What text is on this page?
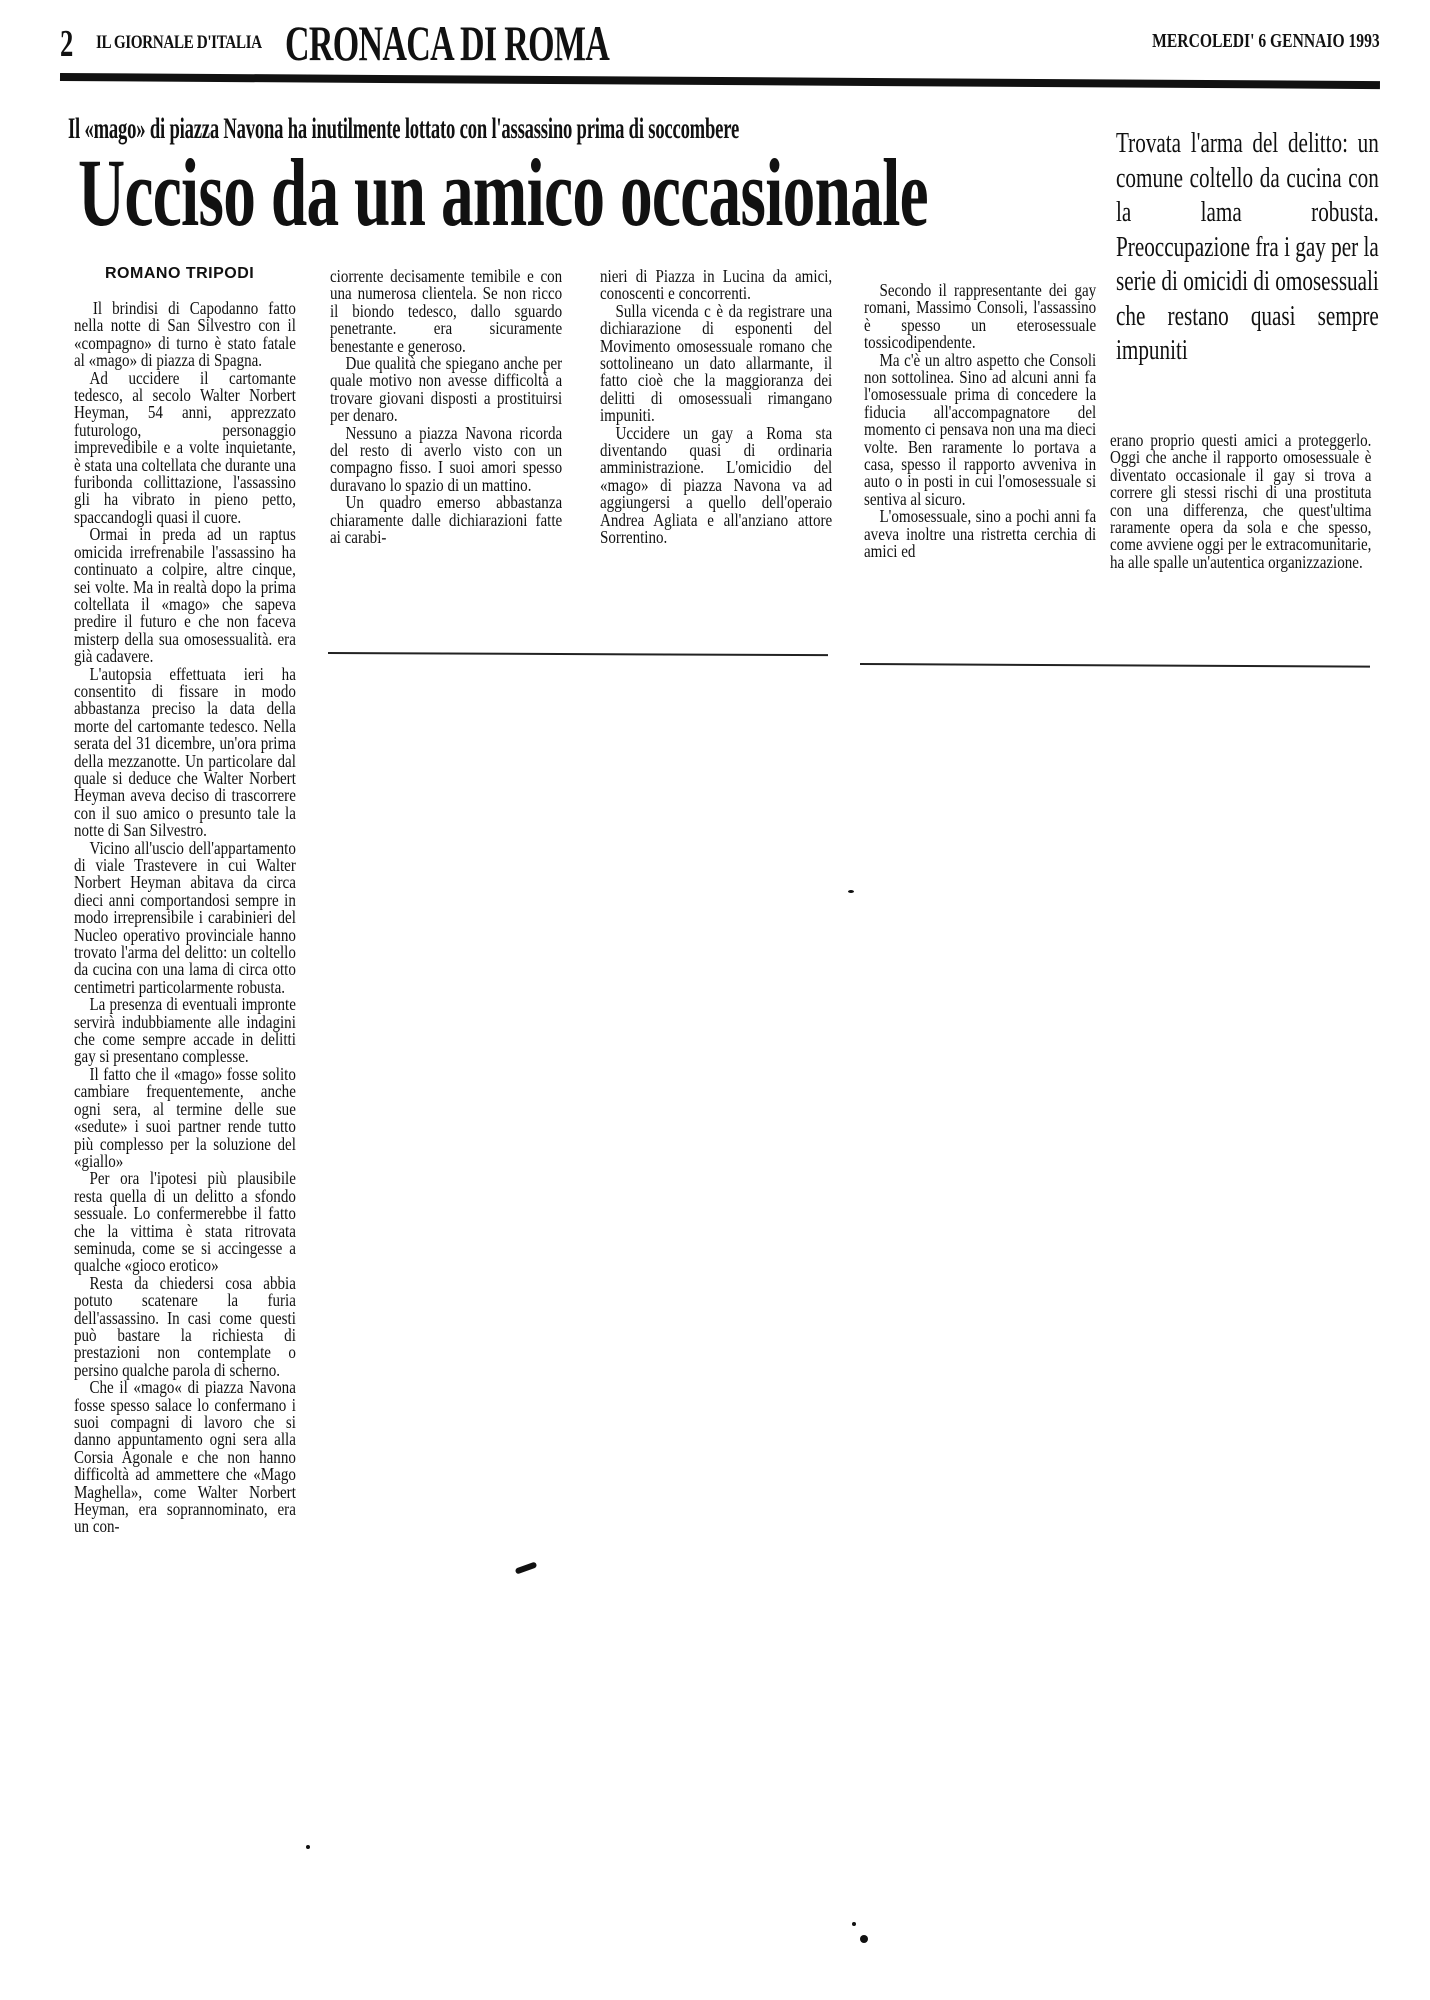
2 IL GIORNALE D'ITALIA CRONACA DI ROMA	MERCOLEDI' 6 GENNAIO 1993
Il «mago» di piazza Navona ha inutilmente lottato con l'assassino prima di soccombere
Ucciso da un amico occasionale	Trovata l'arma del delitto: un comune coltello da cucina con la lama robusta. Preoccupazione fra i gay per la serie di omicidi di omosessuali che restano quasi sempre impuniti
ROMANO TRIPODI

Il brindisi di Capodanno fatto nella notte di San Silvestro con il «compagno» di turno è stato fatale al «mago» di piazza di Spagna.

Ad uccidere il cartomante tedesco, al secolo Walter Norbert Heyman, 54 anni, apprezzato futurologo, personaggio imprevedibile e a volte inquietante, è stata una coltellata che durante una furibonda collittazione, l'assassino gli ha vibrato in pieno petto, spaccandogli quasi il cuore.

Ormai in preda ad un raptus omicida irrefrenabile l'assassino ha continuato a colpire, altre cinque, sei volte. Ma in realtà dopo la prima coltellata il «mago» che sapeva predire il futuro e che non faceva misterp della sua omosessualità. era già cadavere.

L'autopsia effettuata ieri ha consentito di fissare in modo abbastanza preciso la data della morte del cartomante tedesco. Nella serata del 31 dicembre, un'ora prima della mezzanotte. Un particolare dal quale si deduce che Walter Norbert Heyman aveva deciso di trascorrere con il suo amico o presunto tale la notte di San Silvestro.

Vicino all'uscio dell'appartamento di viale Trastevere in cui Walter Norbert Heyman abitava da circa dieci anni comportandosi sempre in modo irreprensibile i carabinieri del Nucleo operativo provinciale hanno trovato l'arma del delitto: un coltello da cucina con una lama di circa otto centimetri particolarmente robusta.

La presenza di eventuali impronte servirà indubbiamente alle indagini che come sempre accade in delitti gay si presentano complesse.

Il fatto che il «mago» fosse solito cambiare frequentemente, anche ogni sera, al termine delle sue «sedute» i suoi partner rende tutto più complesso per la soluzione del «giallo»

Per ora l'ipotesi più plausibile resta quella di un delitto a sfondo sessuale. Lo confermerebbe il fatto che la vittima è stata ritrovata seminuda, come se si accingesse a qualche «gioco erotico»

Resta da chiedersi cosa abbia potuto scatenare la furia dell'assassino. In casi come questi può bastare la richiesta di prestazioni non contemplate o persino qualche parola di scherno.

Che il «mago« di piazza Navona fosse spesso salace lo confermano i suoi compagni di lavoro che si danno appuntamento ogni sera alla Corsia Agonale e che non hanno difficoltà ad ammettere che «Mago Maghella», come Walter Norbert Heyman, era soprannominato, era un con-

ciorrente decisamente temibile e con una numerosa clientela. Se non ricco il biondo tedesco, dallo sguardo penetrante. era sicuramente benestante e generoso.

Due qualità che spiegano anche per quale motivo non avesse difficoltà a trovare giovani disposti a prostituirsi per denaro.

Nessuno a piazza Navona ricorda del resto di averlo visto con un compagno fisso. I suoi amori spesso duravano lo spazio di un mattino.

Un quadro emerso abbastanza chiaramente dalle dichiarazioni fatte ai carabi-

nieri di Piazza in Lucina da amici, conoscenti e concorrenti.

Sulla vicenda c è da registrare una dichiarazione di esponenti del Movimento omosessuale romano che sottolineano un dato allarmante, il fatto cioè che la maggioranza dei delitti di omosessuali rimangano impuniti.

Uccidere un gay a Roma sta diventando quasi di ordinaria amministrazione. L'omicidio del «mago» di piazza Navona va ad aggiungersi a quello dell'operaio Andrea Agliata e all'anziano attore Sorrentino.

Secondo il rappresentante dei gay romani, Massimo Consoli, l'assassino è spesso un eterosessuale tossicodipendente.

Ma c'è un altro aspetto che Consoli non sottolinea. Sino ad alcuni anni fa l'omosessuale prima di concedere la fiducia all'accompagnatore del momento ci pensava non una ma dieci volte. Ben raramente lo portava a casa, spesso il rapporto avveniva in auto o in posti in cui l'omosessuale si sentiva al sicuro.

L'omosessuale, sino a pochi anni fa aveva inoltre una ristretta cerchia di amici ed

erano proprio questi amici a proteggerlo. Oggi che anche il rapporto omosessuale è diventato occasionale il gay si trova a correre gli stessi rischi di una prostituta con una differenza, che quest'ultima raramente opera da sola e che spesso, come avviene oggi per le extracomunitarie, ha alle spalle un'autentica organizzazione.
